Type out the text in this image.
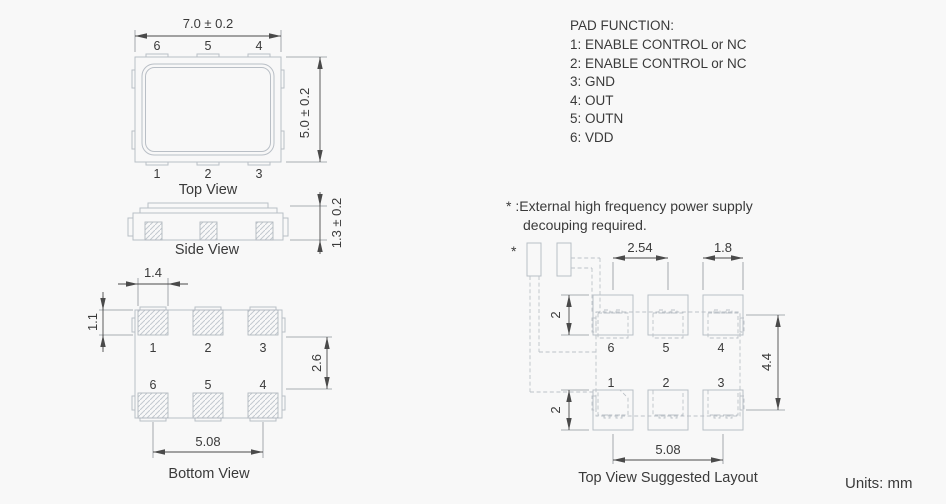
7.0 ± 0.2
5.0 ± 0.2
6	5	4
1	2	3
Top View
1.3 ± 0.2
Side View
1	2	3
6	5	4
1.4
1.1
2.6
5.08
Bottom View
PAD FUNCTION:
1: ENABLE CONTROL or NC
2: ENABLE CONTROL or NC
3: GND
4: OUT
5: OUTN
6: VDD
* :External high frequency power supply
decouping required.
*
6	5	4
1	2	3
2.54	1.8
2
2
4.4
5.08
Top View Suggested Layout	Units: mm
